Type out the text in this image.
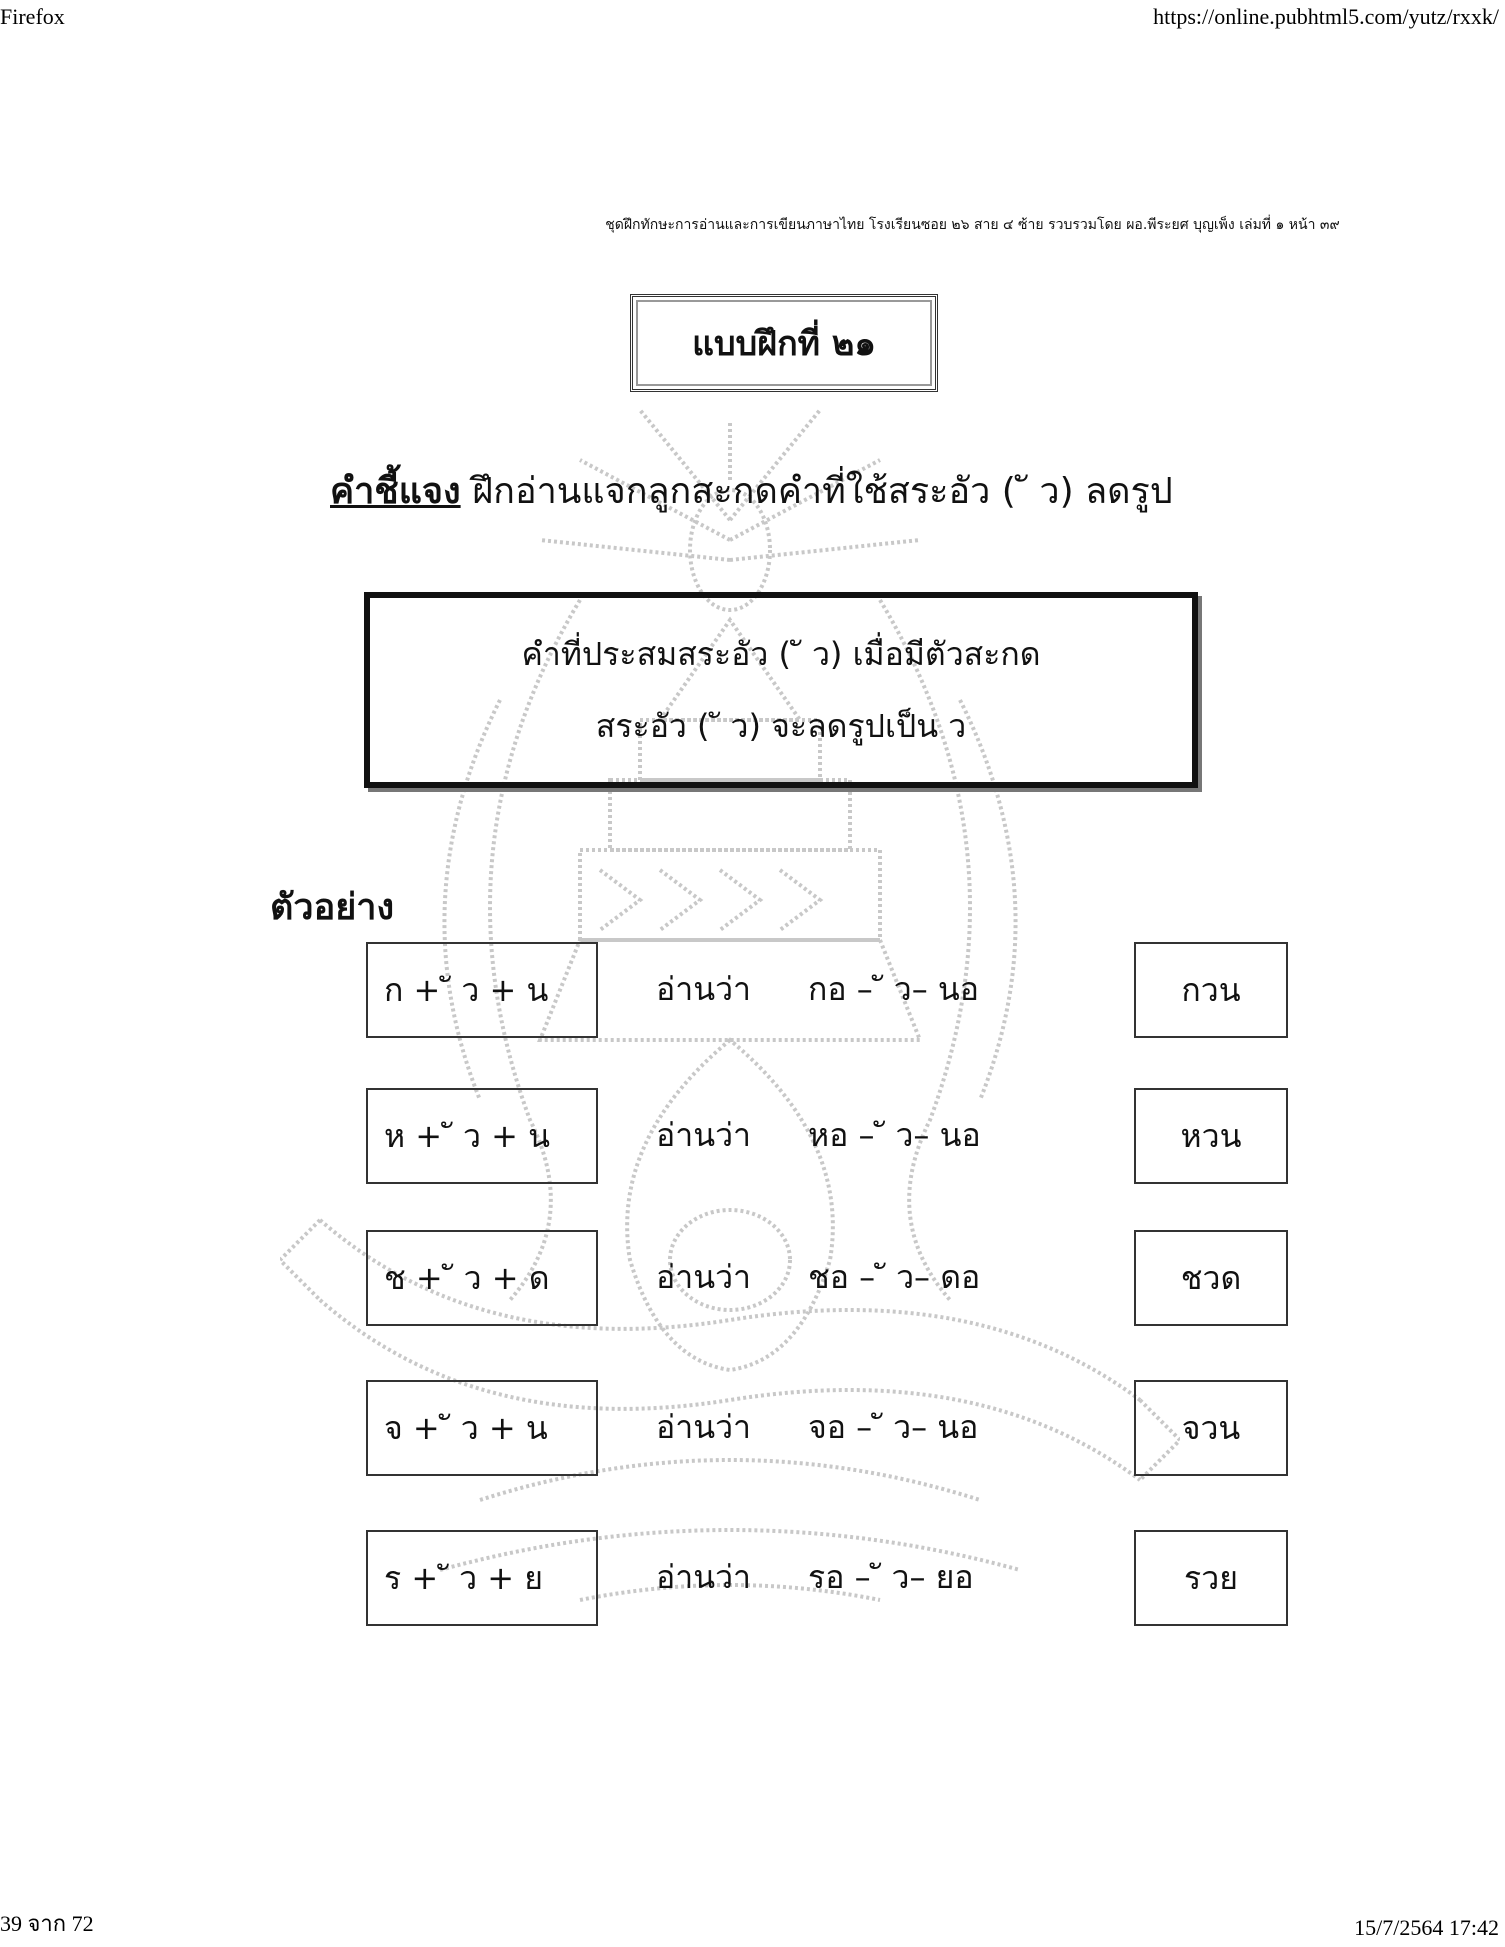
Firefox	https://online.pubhtml5.com/yutz/rxxk/
39 จาก 72	15/7/2564 17:42
ชุดฝึกทักษะการอ่านและการเขียนภาษาไทย โรงเรียนซอย ๒๖ สาย ๔ ซ้าย รวบรวมโดย ผอ.พีระยศ บุญเพ็ง เล่มที่ ๑ หน้า ๓๙
แบบฝึกที่ ๒๑
คำชี้แจง ฝึกอ่านแจกลูกสะกดคำที่ใช้สระอัว ( ั ว) ลดรูป
คำที่ประสมสระอัว ( ั ว) เมื่อมีตัวสะกด
สระอัว ( ั ว) จะลดรูปเป็น ว
ตัวอย่าง
ก + ั ว + น	อ่านว่า กอ – ั ว– นอ	กวน
ห + ั ว + น	อ่านว่า หอ – ั ว– นอ	หวน
ช + ั ว + ด	อ่านว่า ชอ – ั ว– ดอ	ชวด
จ + ั ว + น	อ่านว่า จอ – ั ว– นอ	จวน
ร + ั ว + ย	อ่านว่า รอ – ั ว– ยอ	รวย
